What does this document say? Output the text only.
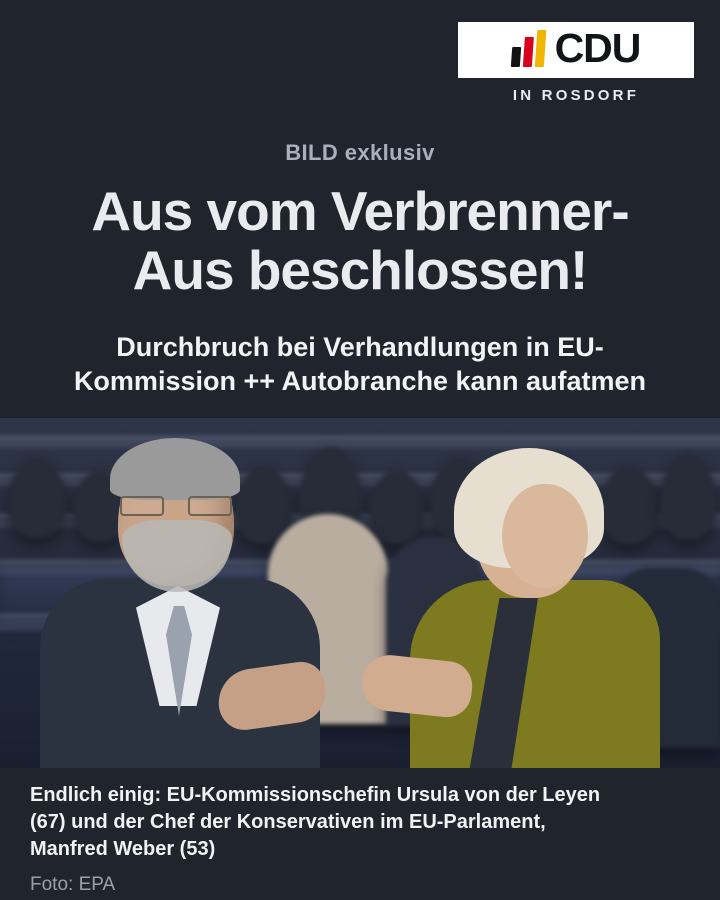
CDU
IN ROSDORF
BILD exklusiv
Aus vom Verbrenner-
Aus beschlossen!
Durchbruch bei Verhandlungen in EU-
Kommission ++ Autobranche kann aufatmen

Endlich einig: EU-Kommissionschefin Ursula von der Leyen

(67) und der Chef der Konservativen im EU-Parlament,

Manfred Weber (53)

Foto: EPA
